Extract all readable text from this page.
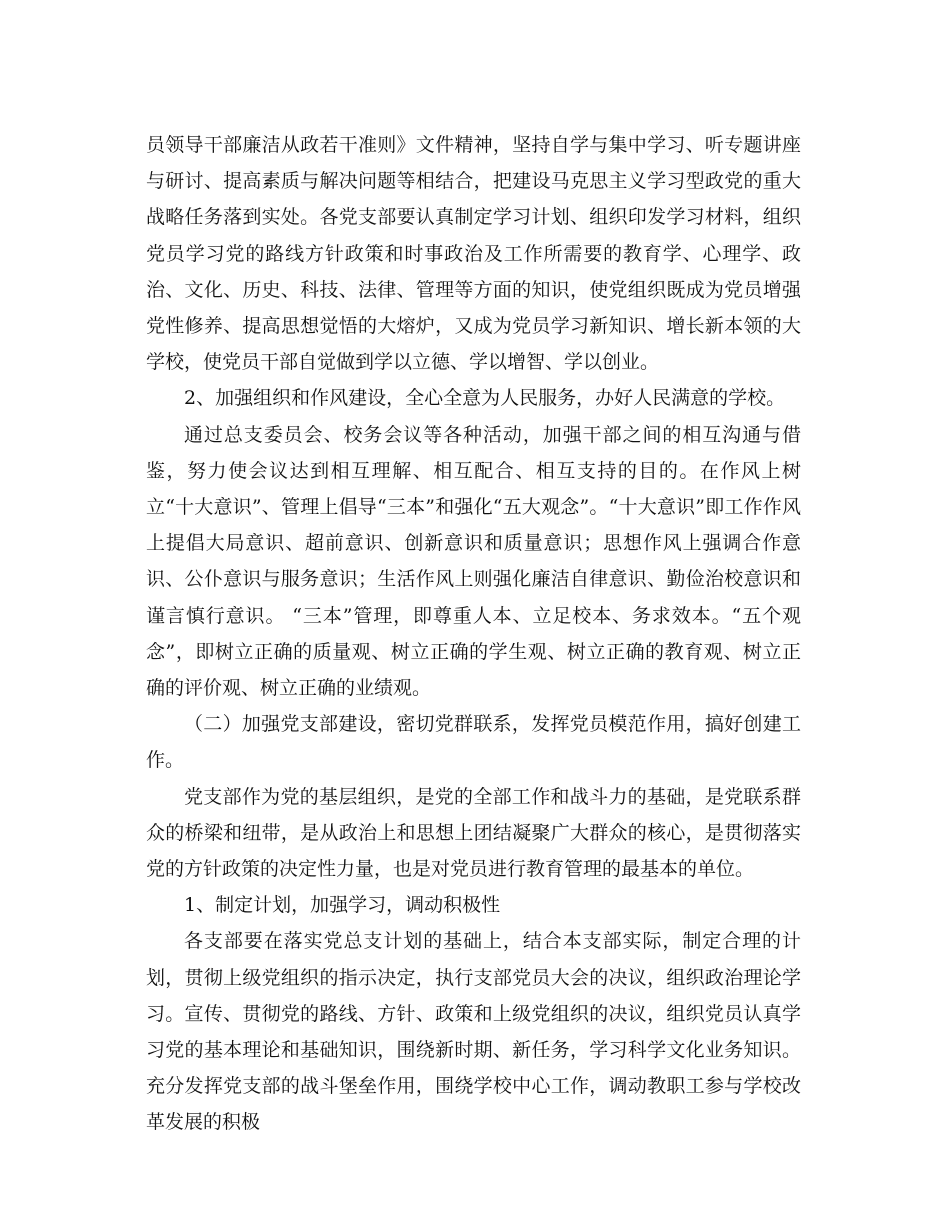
员领导干部廉洁从政若干准则》文件精神，坚持自学与集中学习、听专题讲座与研讨、提高素质与解决问题等相结合，把建设马克思主义学习型政党的重大战略任务落到实处。各党支部要认真制定学习计划、组织印发学习材料，组织党员学习党的路线方针政策和时事政治及工作所需要的教育学、心理学、政治、文化、历史、科技、法律、管理等方面的知识，使党组织既成为党员增强党性修养、提高思想觉悟的大熔炉，又成为党员学习新知识、增长新本领的大学校，使党员干部自觉做到学以立德、学以增智、学以创业。

2、加强组织和作风建设，全心全意为人民服务，办好人民满意的学校。

通过总支委员会、校务会议等各种活动，加强干部之间的相互沟通与借鉴，努力使会议达到相互理解、相互配合、相互支持的目的。在作风上树立“十大意识”、管理上倡导“三本”和强化“五大观念”。“十大意识”即工作作风上提倡大局意识、超前意识、创新意识和质量意识；思想作风上强调合作意识、公仆意识与服务意识；生活作风上则强化廉洁自律意识、勤俭治校意识和谨言慎行意识。 “三本”管理，即尊重人本、立足校本、务求效本。“五个观念”，即树立正确的质量观、树立正确的学生观、树立正确的教育观、树立正确的评价观、树立正确的业绩观。

（二）加强党支部建设，密切党群联系，发挥党员模范作用，搞好创建工作。

党支部作为党的基层组织，是党的全部工作和战斗力的基础，是党联系群众的桥梁和纽带，是从政治上和思想上团结凝聚广大群众的核心，是贯彻落实党的方针政策的决定性力量，也是对党员进行教育管理的最基本的单位。

1、制定计划，加强学习，调动积极性

各支部要在落实党总支计划的基础上，结合本支部实际，制定合理的计划，贯彻上级党组织的指示决定，执行支部党员大会的决议，组织政治理论学习。宣传、贯彻党的路线、方针、政策和上级党组织的决议，组织党员认真学习党的基本理论和基础知识，围绕新时期、新任务，学习科学文化业务知识。充分发挥党支部的战斗堡垒作用，围绕学校中心工作，调动教职工参与学校改革发展的积极
